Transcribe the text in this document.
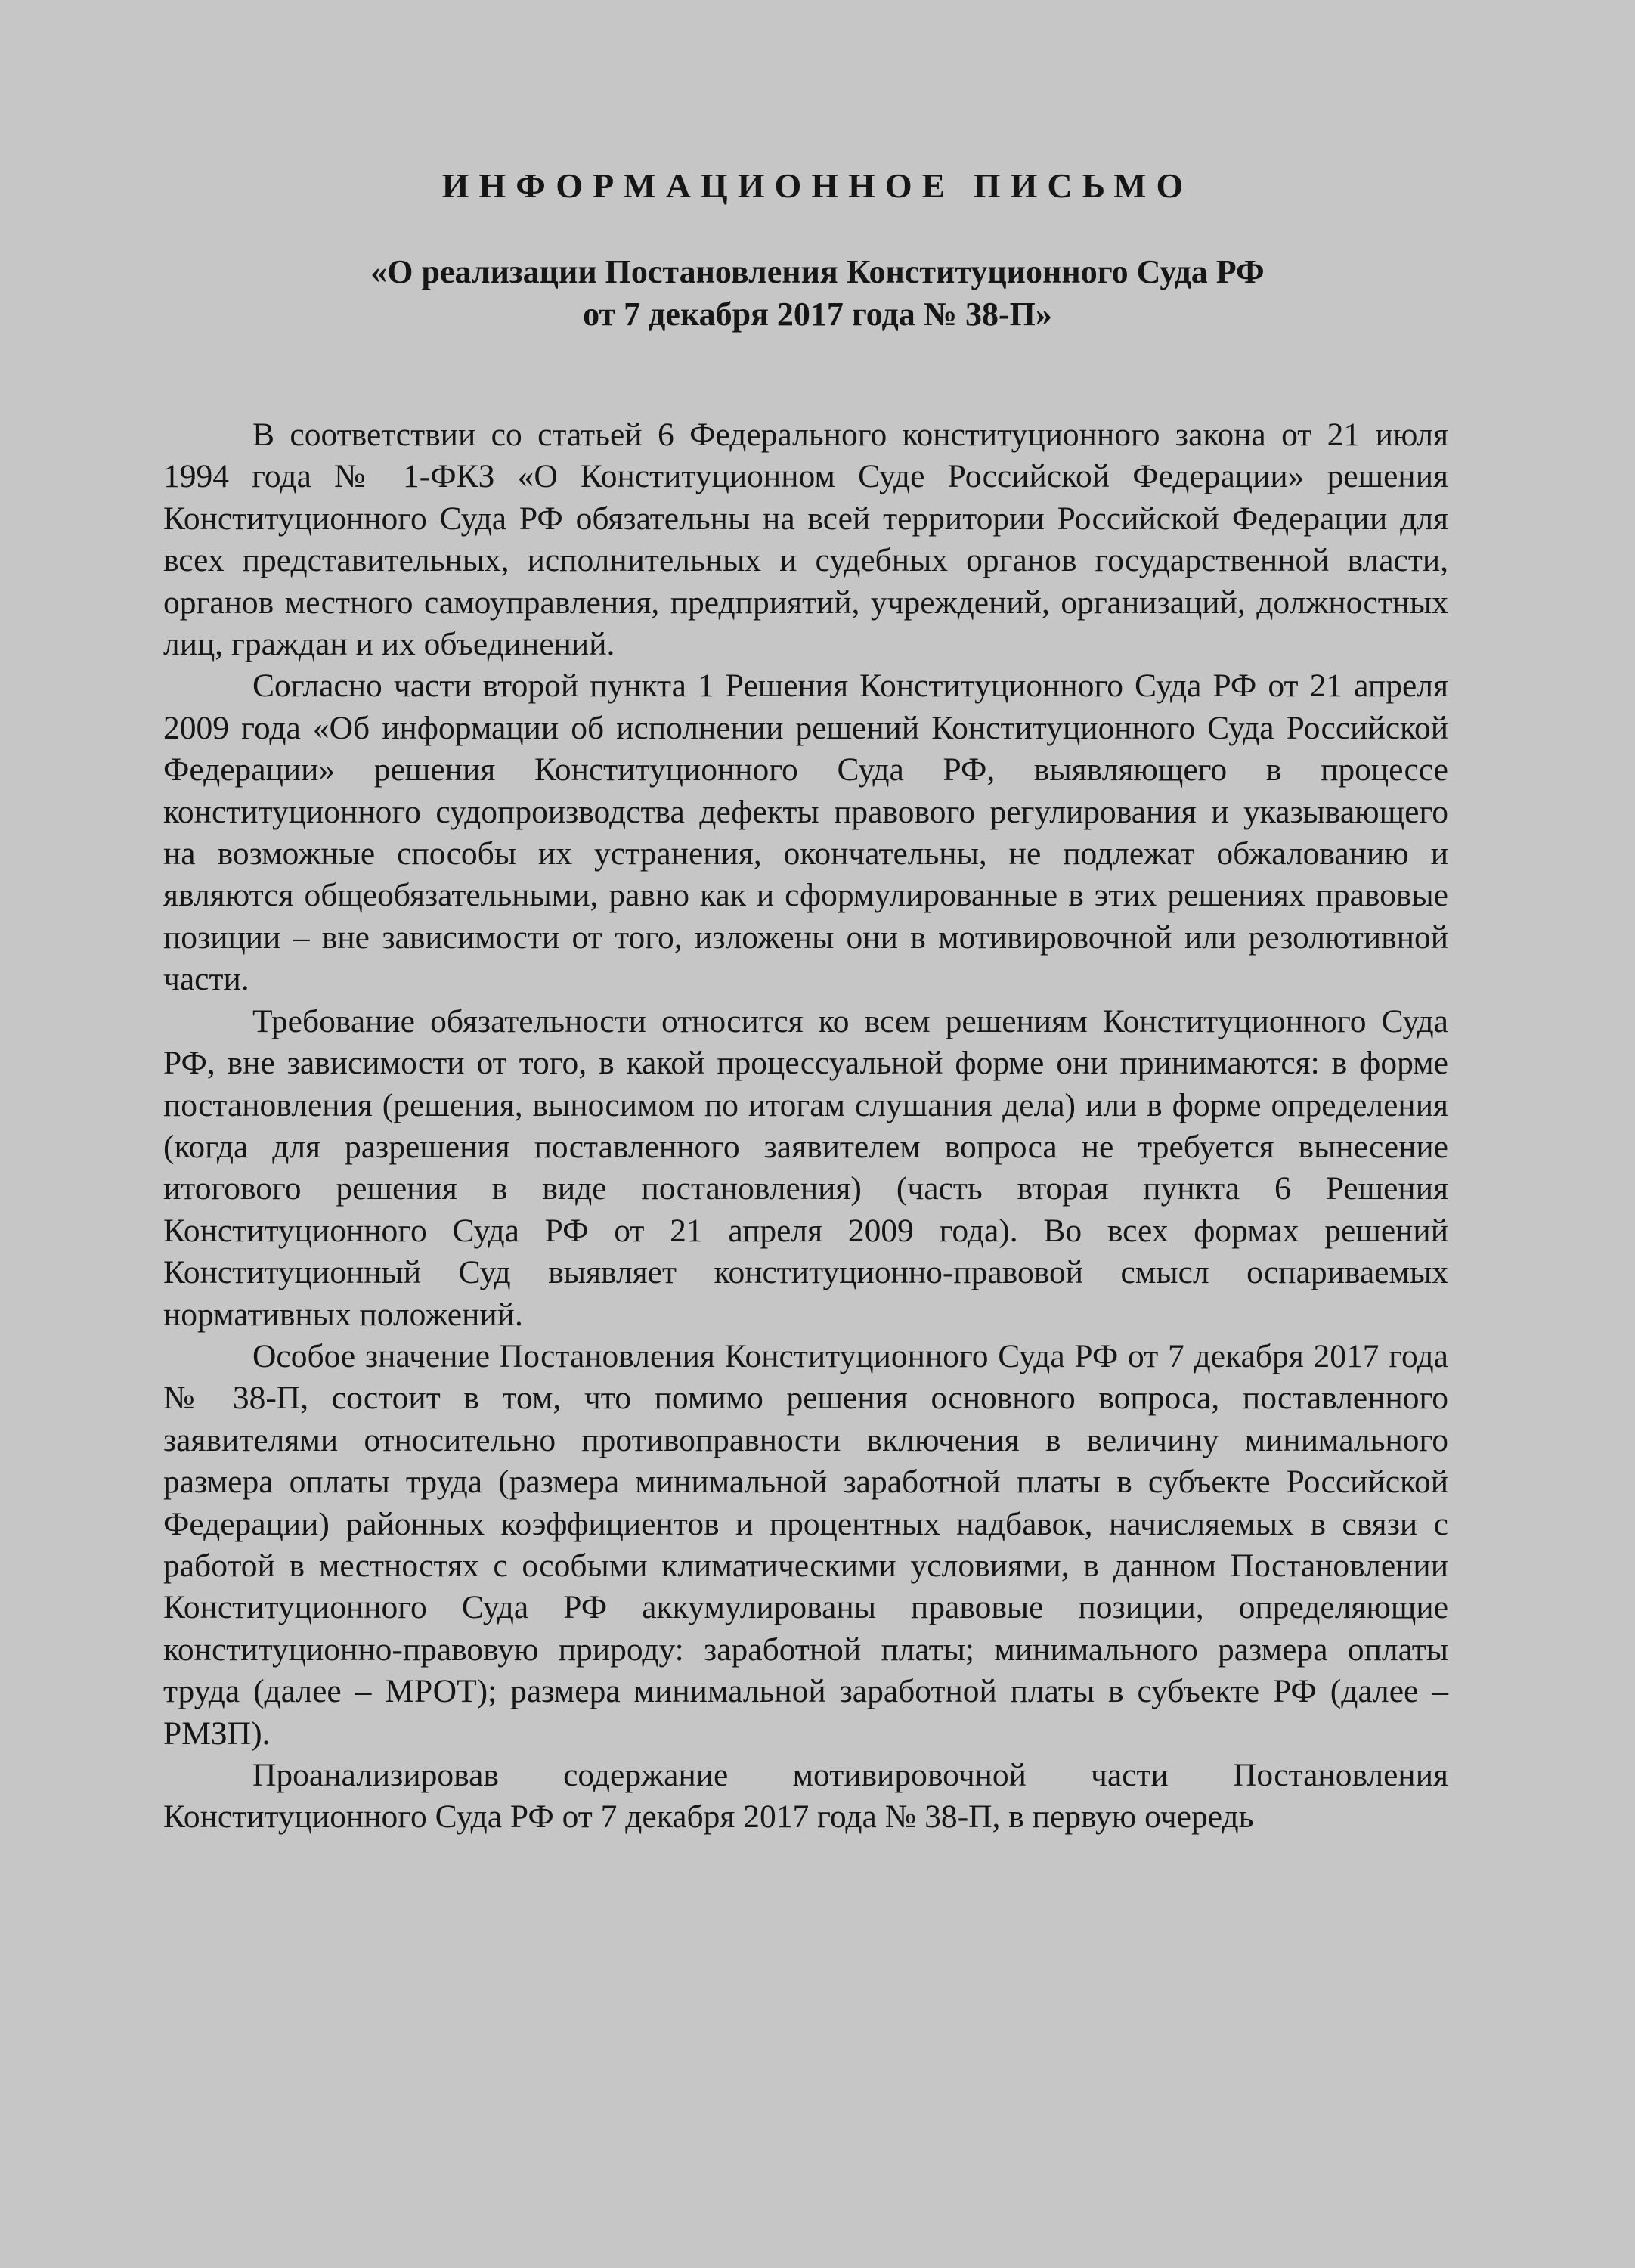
ИНФОРМАЦИОННОЕ ПИСЬМО
«О реализации Постановления Конституционного Суда РФ
от 7 декабря 2017 года № 38-П»

В соответствии со статьей 6 Федерального конституционного закона от 21 июля 1994 года № 1-ФКЗ «О Конституционном Суде Российской Федерации» решения Конституционного Суда РФ обязательны на всей территории Российской Федерации для всех представительных, исполнительных и судебных органов государственной власти, органов местного самоуправления, предприятий, учреждений, организаций, должностных лиц, граждан и их объединений.

Согласно части второй пункта 1 Решения Конституционного Суда РФ от 21 апреля 2009 года «Об информации об исполнении решений Конституционного Суда Российской Федерации» решения Конституционного Суда РФ, выявляющего в процессе конституционного судопроизводства дефекты правового регулирования и указывающего на возможные способы их устранения, окончательны, не подлежат обжалованию и являются общеобязательными, равно как и сформулированные в этих решениях правовые позиции – вне зависимости от того, изложены они в мотивировочной или резолютивной части.

Требование обязательности относится ко всем решениям Конституционного Суда РФ, вне зависимости от того, в какой процессуальной форме они принимаются: в форме постановления (решения, выносимом по итогам слушания дела) или в форме определения (когда для разрешения поставленного заявителем вопроса не требуется вынесение итогового решения в виде постановления) (часть вторая пункта 6 Решения Конституционного Суда РФ от 21 апреля 2009 года). Во всех формах решений Конституционный Суд выявляет конституционно-правовой смысл оспариваемых нормативных положений.

Особое значение Постановления Конституционного Суда РФ от 7 декабря 2017 года № 38-П, состоит в том, что помимо решения основного вопроса, поставленного заявителями относительно противоправности включения в величину минимального размера оплаты труда (размера минимальной заработной платы в субъекте Российской Федерации) районных коэффициентов и процентных надбавок, начисляемых в связи с работой в местностях с особыми климатическими условиями, в данном Постановлении Конституционного Суда РФ аккумулированы правовые позиции, определяющие конституционно-правовую природу: заработной платы; минимального размера оплаты труда (далее – МРОТ); размера минимальной заработной платы в субъекте РФ (далее – РМЗП).

Проанализировав содержание мотивировочной части Постановления Конституционного Суда РФ от 7 декабря 2017 года № 38-П, в первую очередь
